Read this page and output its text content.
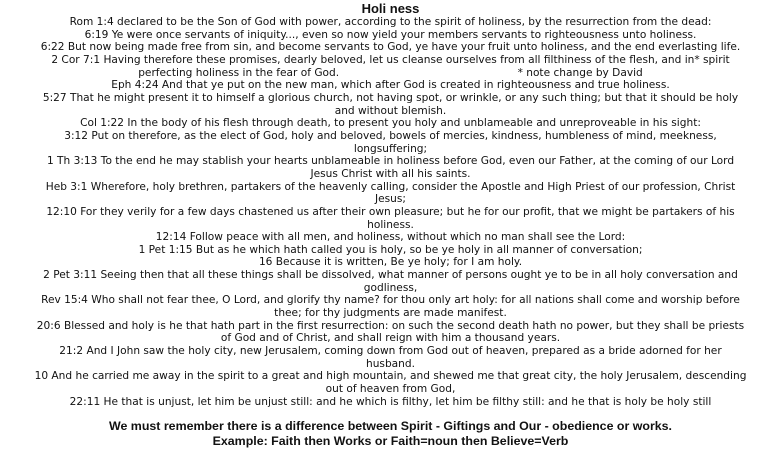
Holi ness

Rom 1:4 declared to be the Son of God with power, according to the spirit of holiness, by the resurrection from the dead:

6:19 Ye were once servants of iniquity..., even so now yield your members servants to righteousness unto holiness.

6:22 But now being made free from sin, and become servants to God, ye have your fruit unto holiness, and the end everlasting life.

2 Cor 7:1 Having therefore these promises, dearly beloved, let us cleanse ourselves from all filthiness of the flesh, and in* spirit

perfecting holiness in the fear of God.                                                     * note change by David

Eph 4:24 And that ye put on the new man, which after God is created in righteousness and true holiness.

5:27 That he might present it to himself a glorious church, not having spot, or wrinkle, or any such thing; but that it should be holy

and without blemish.

Col 1:22 In the body of his flesh through death, to present you holy and unblameable and unreproveable in his sight:

3:12 Put on therefore, as the elect of God, holy and beloved, bowels of mercies, kindness, humbleness of mind, meekness,

longsuffering;

1 Th 3:13 To the end he may stablish your hearts unblameable in holiness before God, even our Father, at the coming of our Lord

Jesus Christ with all his saints.

Heb 3:1 Wherefore, holy brethren, partakers of the heavenly calling, consider the Apostle and High Priest of our profession, Christ

Jesus;

12:10 For they verily for a few days chastened us after their own pleasure; but he for our profit, that we might be partakers of his

holiness.

12:14 Follow peace with all men, and holiness, without which no man shall see the Lord:

1 Pet 1:15 But as he which hath called you is holy, so be ye holy in all manner of conversation;

16 Because it is written, Be ye holy; for I am holy.

2 Pet 3:11 Seeing then that all these things shall be dissolved, what manner of persons ought ye to be in all holy conversation and

godliness,

Rev 15:4 Who shall not fear thee, O Lord, and glorify thy name? for thou only art holy: for all nations shall come and worship before

thee; for thy judgments are made manifest.

20:6 Blessed and holy is he that hath part in the first resurrection: on such the second death hath no power, but they shall be priests

of God and of Christ, and shall reign with him a thousand years.

21:2 And I John saw the holy city, new Jerusalem, coming down from God out of heaven, prepared as a bride adorned for her

husband.

10 And he carried me away in the spirit to a great and high mountain, and shewed me that great city, the holy Jerusalem, descending

out of heaven from God,

22:11 He that is unjust, let him be unjust still: and he which is filthy, let him be filthy still: and he that is holy be holy still

We must remember there is a difference between Spirit - Giftings and Our - obedience or works.

Example: Faith then Works or Faith=noun then Believe=Verb
